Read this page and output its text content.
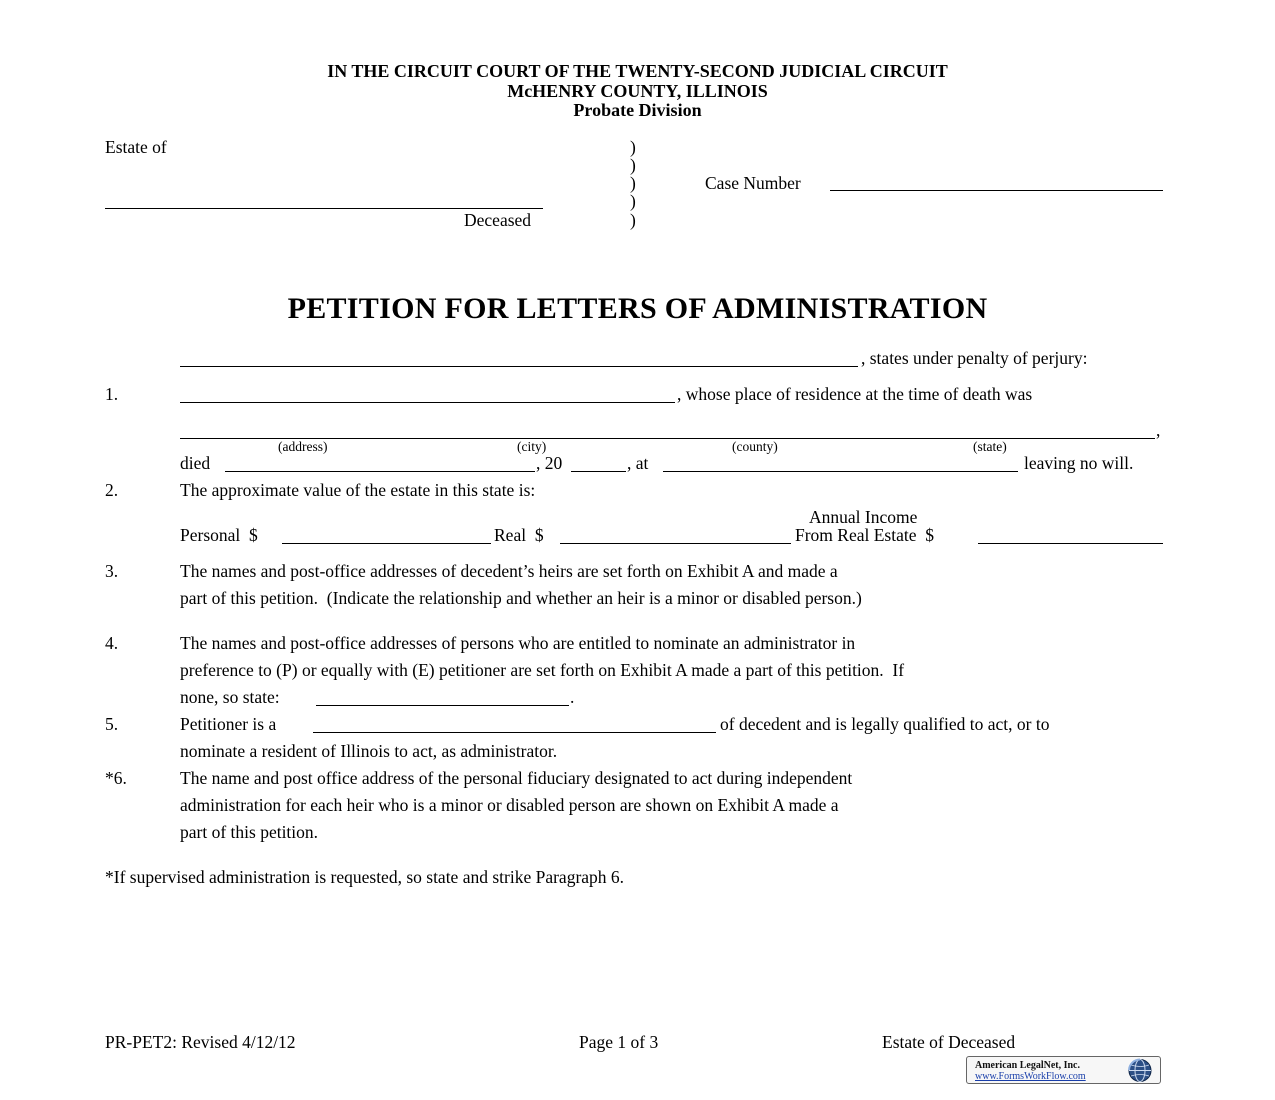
IN THE CIRCUIT COURT OF THE TWENTY-SECOND JUDICIAL CIRCUIT
McHENRY COUNTY, ILLINOIS
Probate Division
Estate of
Deceased
)
)
)
)
)
Case Number
PETITION FOR LETTERS OF ADMINISTRATION
, states under penalty of perjury:
1.	, whose place of residence at the time of death was
,
(address)	(city)	(county)	(state)
died	, 20	, at	leaving no will.
2.	The approximate value of the estate in this state is:
Annual Income
Personal  $	Real  $	From Real Estate  $
3.	The names and post-office addresses of decedent’s heirs are set forth on Exhibit A and made a
part of this petition.  (Indicate the relationship and whether an heir is a minor or disabled person.)
4.	The names and post-office addresses of persons who are entitled to nominate an administrator in
preference to (P) or equally with (E) petitioner are set forth on Exhibit A made a part of this petition.  If
none, so state:	.
5.	Petitioner is a	of decedent and is legally qualified to act, or to
nominate a resident of Illinois to act, as administrator.
*6.	The name and post office address of the personal fiduciary designated to act during independent
administration for each heir who is a minor or disabled person are shown on Exhibit A made a
part of this petition.
*If supervised administration is requested, so state and strike Paragraph 6.
PR-PET2: Revised 4/12/12	Page 1 of 3	Estate of Deceased
American LegalNet, Inc.
www.FormsWorkFlow.com
